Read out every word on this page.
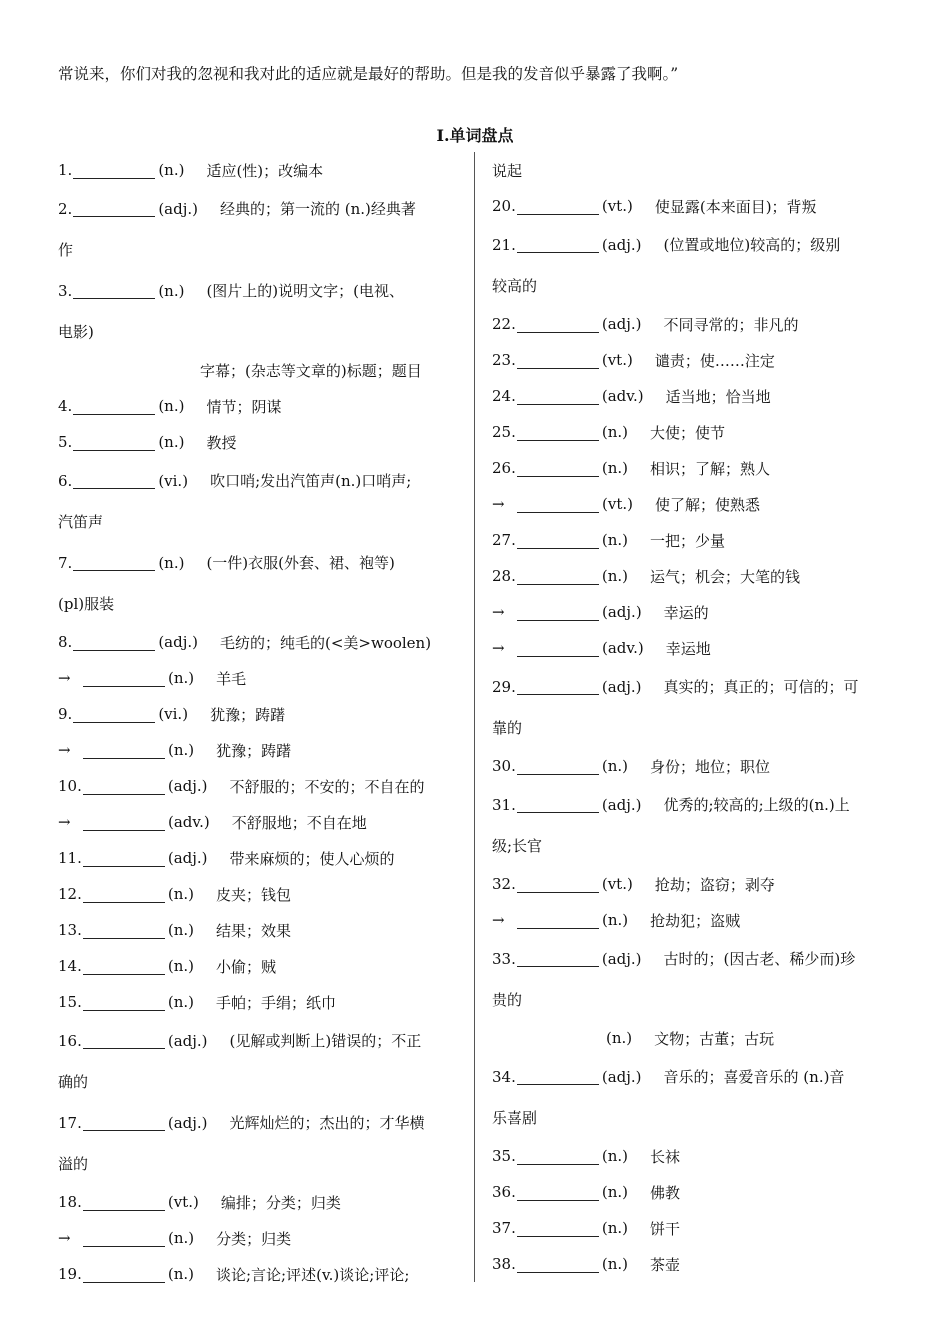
常说来，你们对我的忽视和我对此的适应就是最好的帮助。但是我的发音似乎暴露了我啊。”
I.单词盘点
1.	(n.) 适应(性)；改编本
2.	(adj.) 经典的；第一流的 (n.)经典著
作
3.	(n.) (图片上的)说明文字；(电视、
电影)
字幕；(杂志等文章的)标题；题目
4.	(n.) 情节；阴谋
5.	(n.) 教授
6.	(vi.) 吹口哨;发出汽笛声(n.)口哨声;
汽笛声
7.	(n.) (一件)衣服(外套、裙、袍等)
(pl)服装
8.	(adj.) 毛纺的；纯毛的(<美>woolen)
→	(n.) 羊毛
9.	(vi.) 犹豫；踌躇
→	(n.) 犹豫；踌躇
10.	(adj.) 不舒服的；不安的；不自在的
→	(adv.) 不舒服地；不自在地
11.	(adj.) 带来麻烦的；使人心烦的
12.	(n.) 皮夹；钱包
13.	(n.) 结果；效果
14.	(n.) 小偷；贼
15.	(n.) 手帕；手绢；纸巾
16.	(adj.) (见解或判断上)错误的；不正
确的
17.	(adj.) 光辉灿烂的；杰出的；才华横
溢的
18.	(vt.) 编排；分类；归类
→	(n.) 分类；归类
19.	(n.) 谈论;言论;评述(v.)谈论;评论;
说起
20.	(vt.) 使显露(本来面目)；背叛
21.	(adj.) (位置或地位)较高的；级别
较高的
22.	(adj.) 不同寻常的；非凡的
23.	(vt.) 谴责；使……注定
24.	(adv.) 适当地；恰当地
25.	(n.) 大使；使节
26.	(n.) 相识；了解；熟人
→	(vt.) 使了解；使熟悉
27.	(n.) 一把；少量
28.	(n.) 运气；机会；大笔的钱
→	(adj.) 幸运的
→	(adv.) 幸运地
29.	(adj.) 真实的；真正的；可信的；可
靠的
30.	(n.) 身份；地位；职位
31.	(adj.) 优秀的;较高的;上级的(n.)上
级;长官
32.	(vt.) 抢劫；盗窃；剥夺
→	(n.) 抢劫犯；盗贼
33.	(adj.) 古时的；(因古老、稀少而)珍
贵的
(n.) 文物；古董；古玩
34.	(adj.) 音乐的；喜爱音乐的 (n.)音
乐喜剧
35.	(n.) 长袜
36.	(n.) 佛教
37.	(n.) 饼干
38.	(n.) 茶壶
